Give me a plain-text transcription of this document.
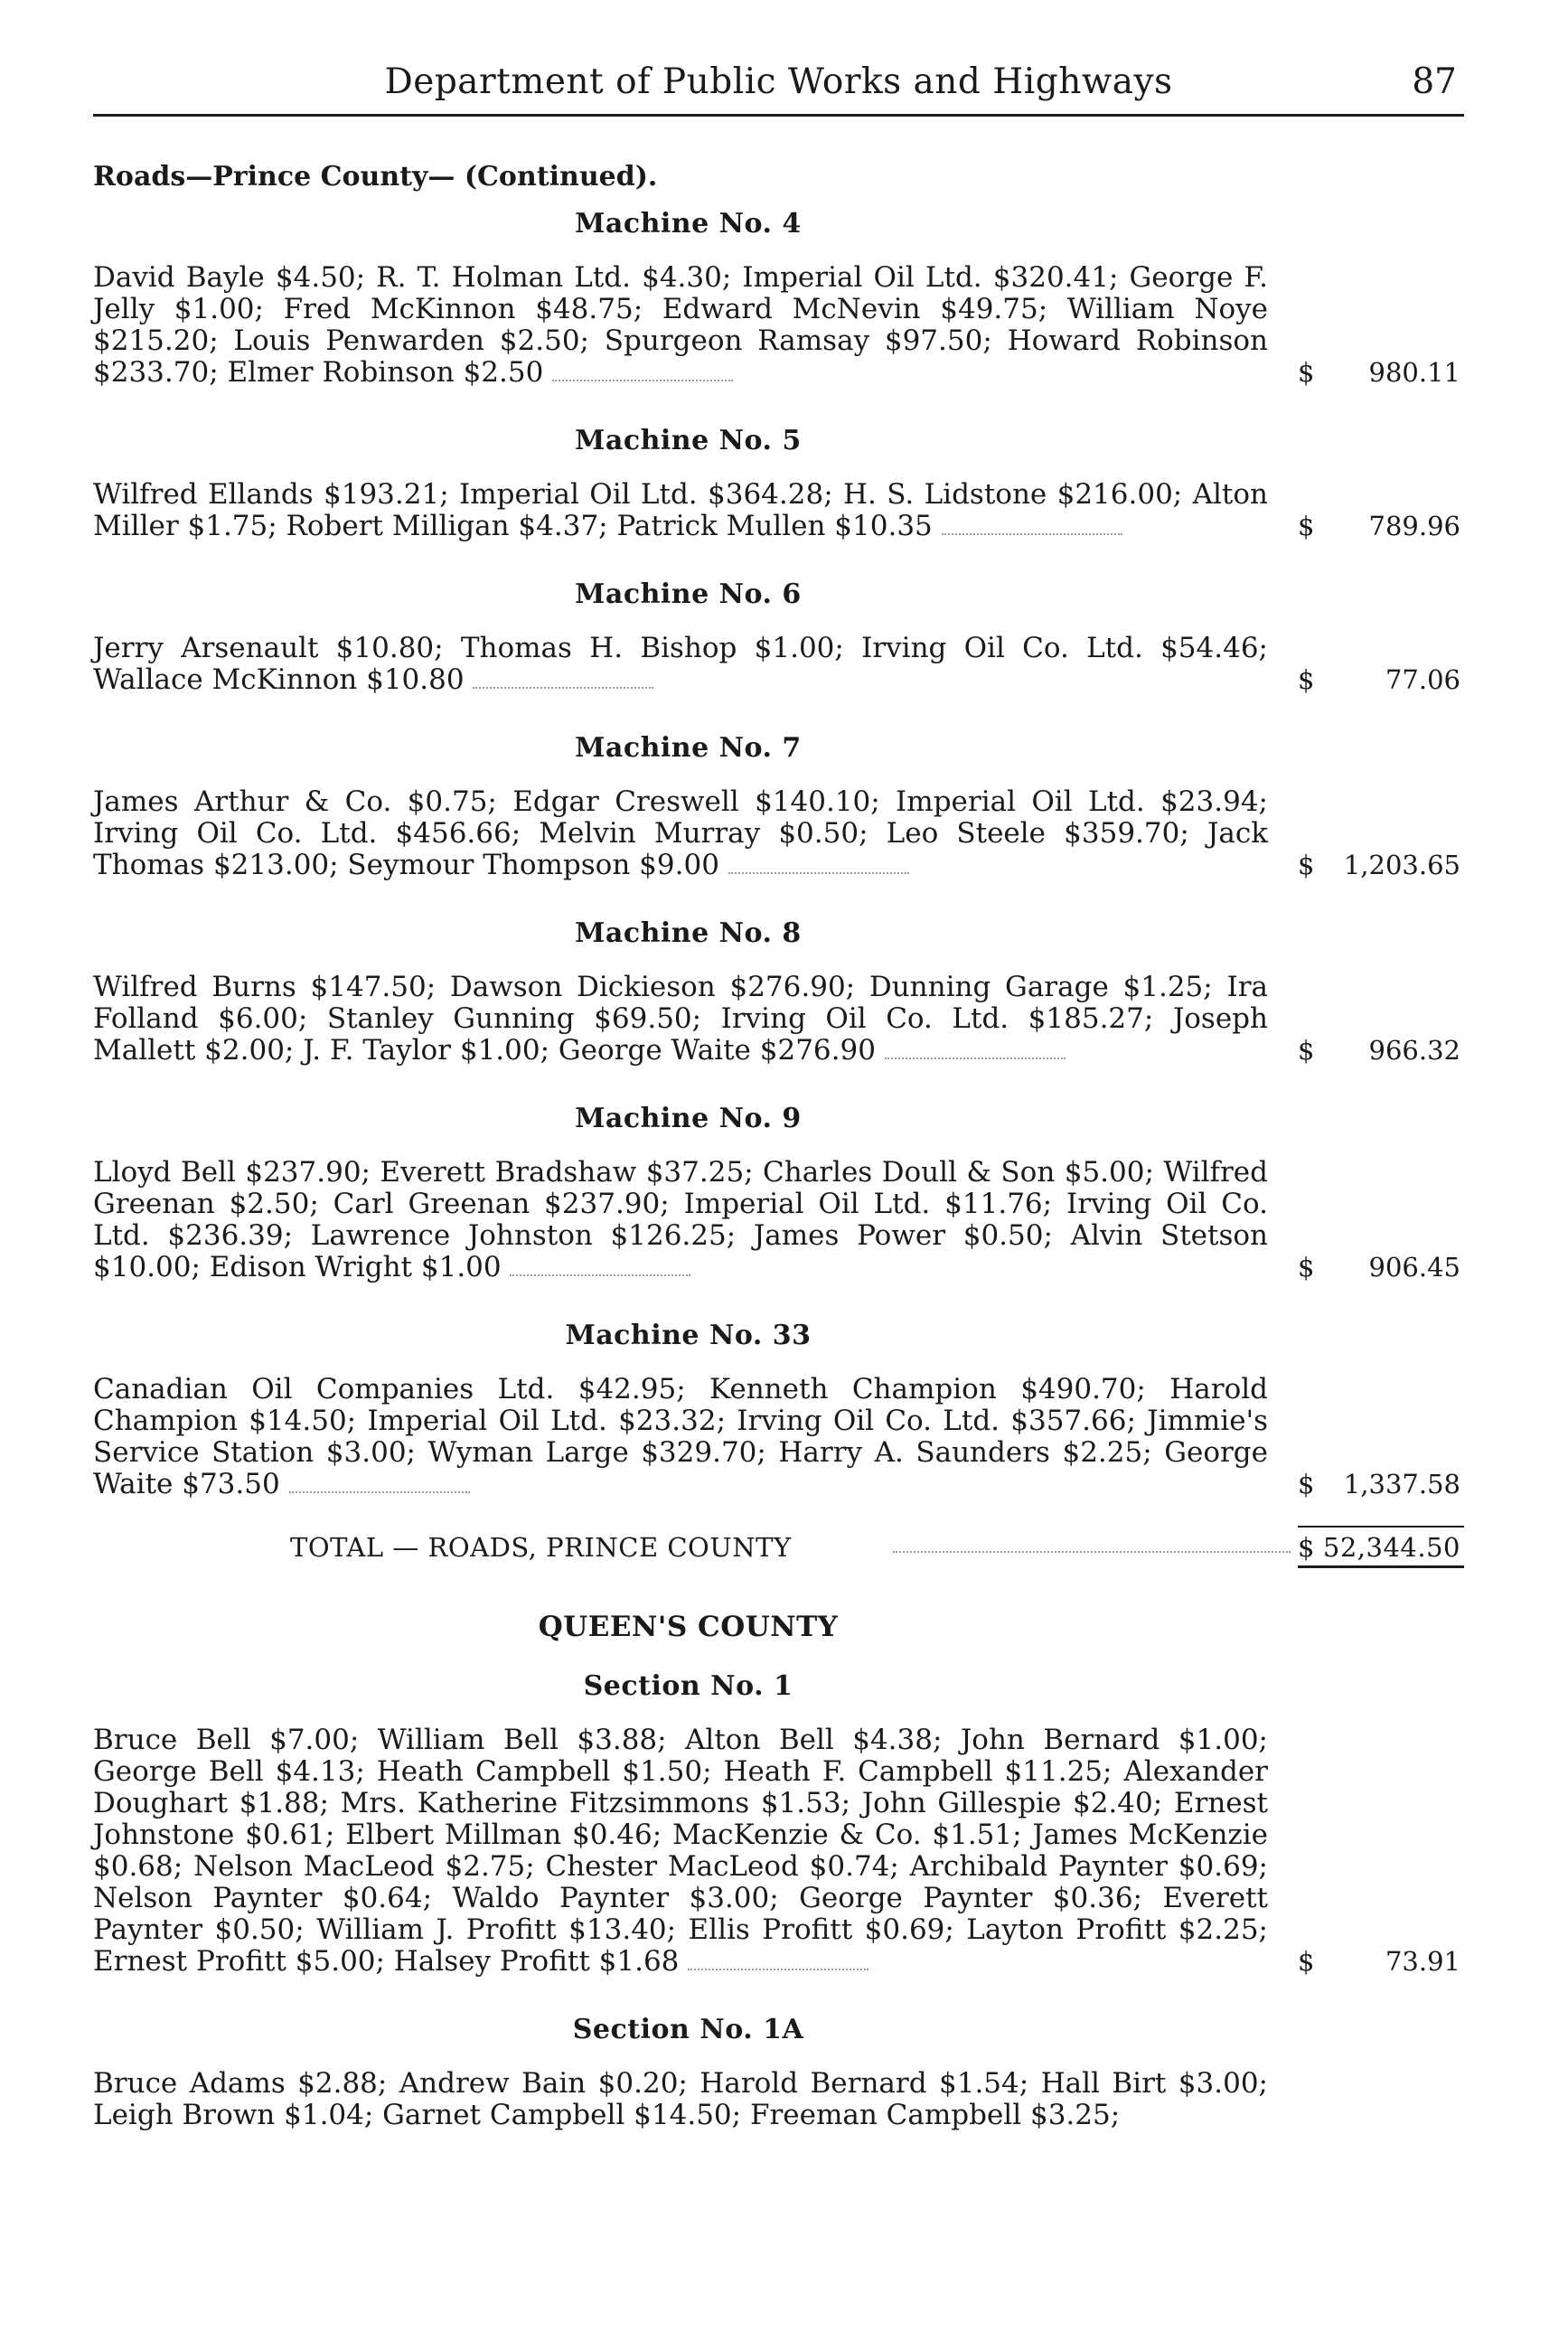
Department of Public Works and Highways	87
Roads—Prince County— (Continued).
Machine No. 4

David Bayle $4.50; R. T. Holman Ltd. $4.30; Imperial Oil Ltd. $320.41; George F. Jelly $1.00; Fred McKinnon $48.75; Edward McNevin $49.75; William Noye $215.20; Louis Penwarden $2.50; Spurgeon Ramsay $97.50; Howard Robinson $233.70; Elmer Robinson $2.50	$ 980.11
Machine No. 5

Wilfred Ellands $193.21; Imperial Oil Ltd. $364.28; H. S. Lidstone $216.00; Alton Miller $1.75; Robert Milligan $4.37; Patrick Mullen $10.35	$ 789.96
Machine No. 6

Jerry Arsenault $10.80; Thomas H. Bishop $1.00; Irving Oil Co. Ltd. $54.46; Wallace McKinnon $10.80	$	77.06
Machine No. 7

James Arthur & Co. $0.75; Edgar Creswell $140.10; Imperial Oil Ltd. $23.94; Irving Oil Co. Ltd. $456.66; Melvin Murray $0.50; Leo Steele $359.70; Jack Thomas $213.00; Seymour Thompson $9.00	$ 1,203.65
Machine No. 8

Wilfred Burns $147.50; Dawson Dickieson $276.90; Dunning Garage $1.25; Ira Folland $6.00; Stanley Gunning $69.50; Irving Oil Co. Ltd. $185.27; Joseph Mallett $2.00; J. F. Taylor $1.00; George Waite $276.90	$ 966.32
Machine No. 9

Lloyd Bell $237.90; Everett Bradshaw $37.25; Charles Doull & Son $5.00; Wilfred Greenan $2.50; Carl Greenan $237.90; Imperial Oil Ltd. $11.76; Irving Oil Co. Ltd. $236.39; Lawrence Johnston $126.25; James Power $0.50; Alvin Stetson $10.00; Edison Wright $1.00	$ 906.45
Machine No. 33

Canadian Oil Companies Ltd. $42.95; Kenneth Champion $490.70; Harold Champion $14.50; Imperial Oil Ltd. $23.32; Irving Oil Co. Ltd. $357.66; Jimmie's Service Station $3.00; Wyman Large $329.70; Harry A. Saunders $2.25; George Waite $73.50	$ 1,337.58
TOTAL — ROADS, PRINCE COUNTY	$ 52,344.50
QUEEN'S COUNTY
Section No. 1

Bruce Bell $7.00; William Bell $3.88; Alton Bell $4.38; John Bernard $1.00; George Bell $4.13; Heath Campbell $1.50; Heath F. Campbell $11.25; Alexander Doughart $1.88; Mrs. Katherine Fitzsimmons $1.53; John Gillespie $2.40; Ernest Johnstone $0.61; Elbert Millman $0.46; MacKenzie & Co. $1.51; James McKenzie $0.68; Nelson MacLeod $2.75; Chester MacLeod $0.74; Archibald Paynter $0.69; Nelson Paynter $0.64; Waldo Paynter $3.00; George Paynter $0.36; Everett Paynter $0.50; William J. Profitt $13.40; Ellis Profitt $0.69; Layton Profitt $2.25; Ernest Profitt $5.00; Halsey Profitt $1.68	$	73.91
Section No. 1A

Bruce Adams $2.88; Andrew Bain $0.20; Harold Bernard $1.54; Hall Birt $3.00; Leigh Brown $1.04; Garnet Campbell $14.50; Freeman Campbell $3.25;
